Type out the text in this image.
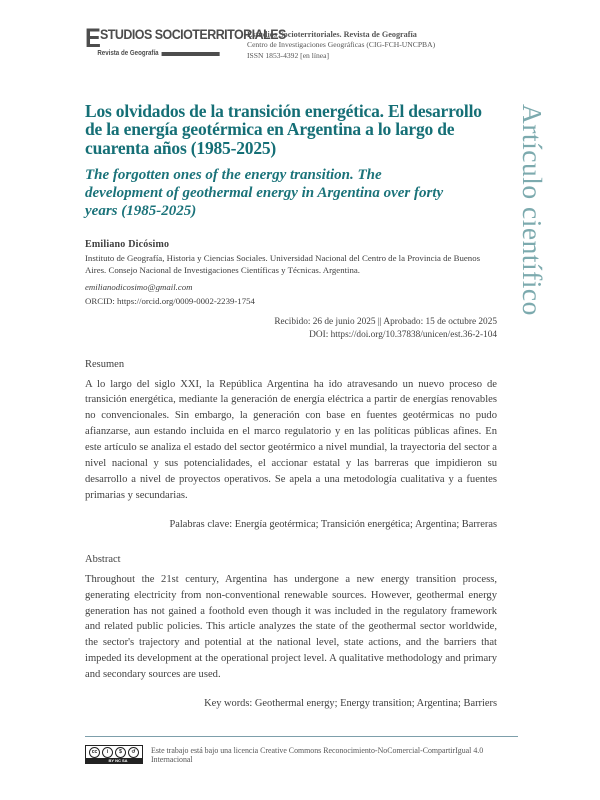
E STUDIOS SOCIOTERRITORIALES
Revista de Geografía
Estudios Socioterritoriales. Revista de Geografía
Centro de Investigaciones Geográficas (CIG-FCH-UNCPBA)
ISSN 1853-4392 [en línea]
Los olvidados de la transición energética. El desarrollo de la energía geotérmica en Argentina a lo largo de cuarenta años (1985-2025)
The forgotten ones of the energy transition. The development of geothermal energy in Argentina over forty years (1985-2025)
Emiliano Dicósimo
Instituto de Geografía, Historia y Ciencias Sociales. Universidad Nacional del Centro de la Provincia de Buenos Aires. Consejo Nacional de Investigaciones Científicas y Técnicas. Argentina.
emilianodicosimo@gmail.com
ORCID: https://orcid.org/0009-0002-2239-1754
Recibido: 26 de junio 2025 || Aprobado: 15 de octubre 2025
DOI: https://doi.org/10.37838/unicen/est.36-2-104
Resumen
A lo largo del siglo XXI, la República Argentina ha ido atravesando un nuevo proceso de transición energética, mediante la generación de energía eléctrica a partir de energías renovables no convencionales. Sin embargo, la generación con base en fuentes geotérmicas no pudo afianzarse, aun estando incluida en el marco regulatorio y en las políticas públicas afines. En este artículo se analiza el estado del sector geotérmico a nivel mundial, la trayectoria del sector a nivel nacional y sus potencialidades, el accionar estatal y las barreras que impidieron su desarrollo a nivel de proyectos operativos. Se apela a una metodología cualitativa y a fuentes primarias y secundarias.
Palabras clave: Energía geotérmica; Transición energética; Argentina; Barreras
Abstract
Throughout the 21st century, Argentina has undergone a new energy transition process, generating electricity from non-conventional renewable sources. However, geothermal energy generation has not gained a foothold even though it was included in the regulatory framework and related public policies. This article analyzes the state of the geothermal sector worldwide, the sector's trajectory and potential at the national level, state actions, and the barriers that impeded its development at the operational project level. A qualitative methodology and primary and secondary sources are used.
Key words: Geothermal energy; Energy transition; Argentina; Barriers
Artículo científico
cc	i	$	↺
BY NC SA
Este trabajo está bajo una licencia Creative Commons Reconocimiento-NoComercial-CompartirIgual 4.0 Internacional
